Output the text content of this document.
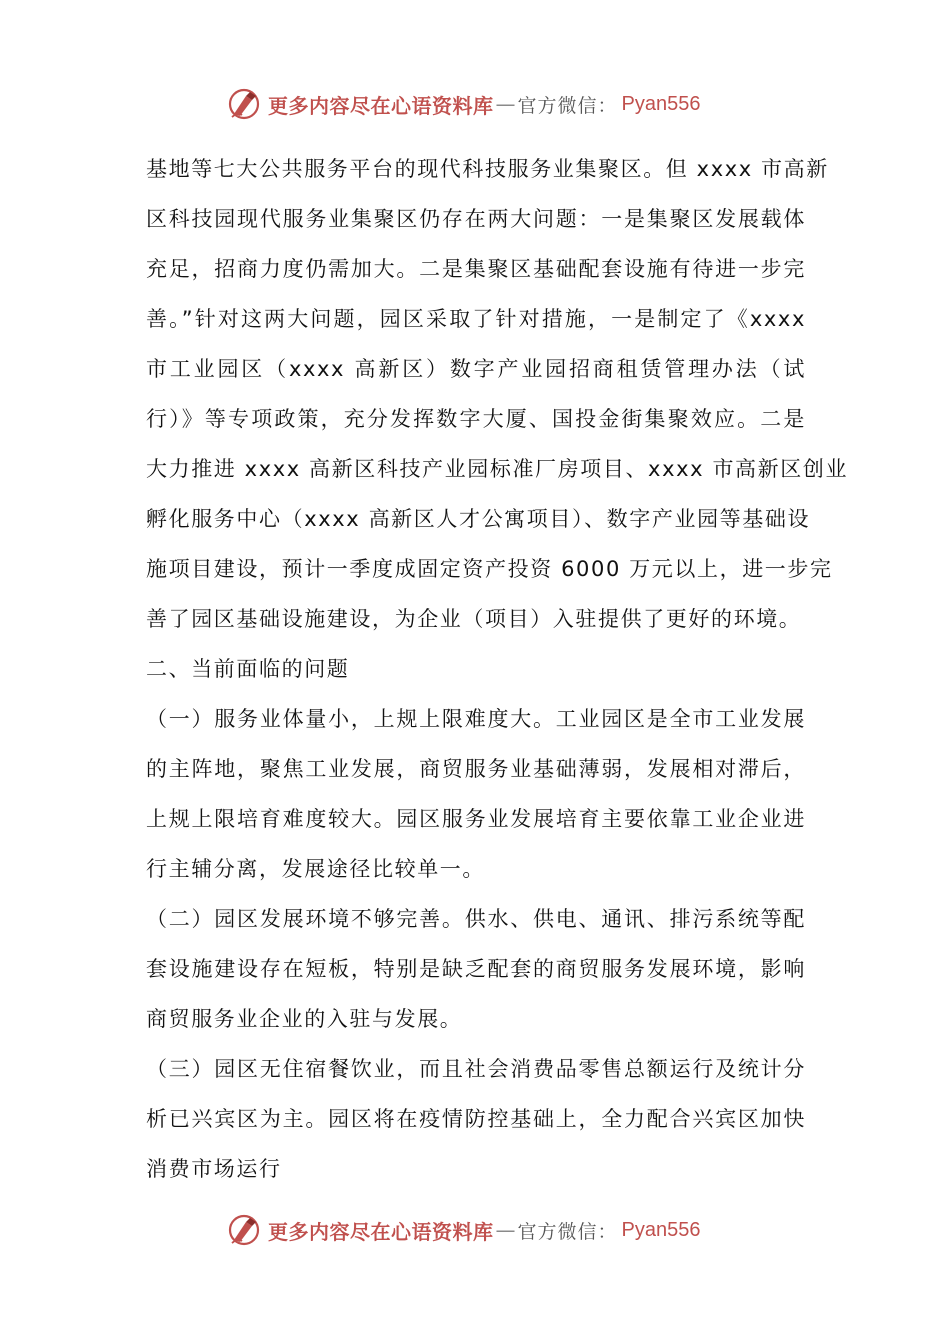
更多内容尽在心语资料库 — 官方微信： Pyan556
基地等七大公共服务平台的现代科技服务业集聚区。但 xxxx 市高新
区科技园现代服务业集聚区仍存在两大问题：一是集聚区发展载体
充足，招商力度仍需加大。二是集聚区基础配套设施有待进一步完
善。”针对这两大问题，园区采取了针对措施，一是制定了《xxxx
市工业园区（xxxx 高新区）数字产业园招商租赁管理办法（试
行）》等专项政策，充分发挥数字大厦、国投金街集聚效应。二是
大力推进 xxxx 高新区科技产业园标准厂房项目、xxxx 市高新区创业
孵化服务中心（xxxx 高新区人才公寓项目）、数字产业园等基础设
施项目建设，预计一季度成固定资产投资 6000 万元以上，进一步完
善了园区基础设施建设，为企业（项目）入驻提供了更好的环境。
二、当前面临的问题
（一）服务业体量小，上规上限难度大。工业园区是全市工业发展
的主阵地，聚焦工业发展，商贸服务业基础薄弱，发展相对滞后，
上规上限培育难度较大。园区服务业发展培育主要依靠工业企业进
行主辅分离，发展途径比较单一。
（二）园区发展环境不够完善。供水、供电、通讯、排污系统等配
套设施建设存在短板，特别是缺乏配套的商贸服务发展环境，影响
商贸服务业企业的入驻与发展。
（三）园区无住宿餐饮业，而且社会消费品零售总额运行及统计分
析已兴宾区为主。园区将在疫情防控基础上，全力配合兴宾区加快
消费市场运行
更多内容尽在心语资料库 — 官方微信： Pyan556
